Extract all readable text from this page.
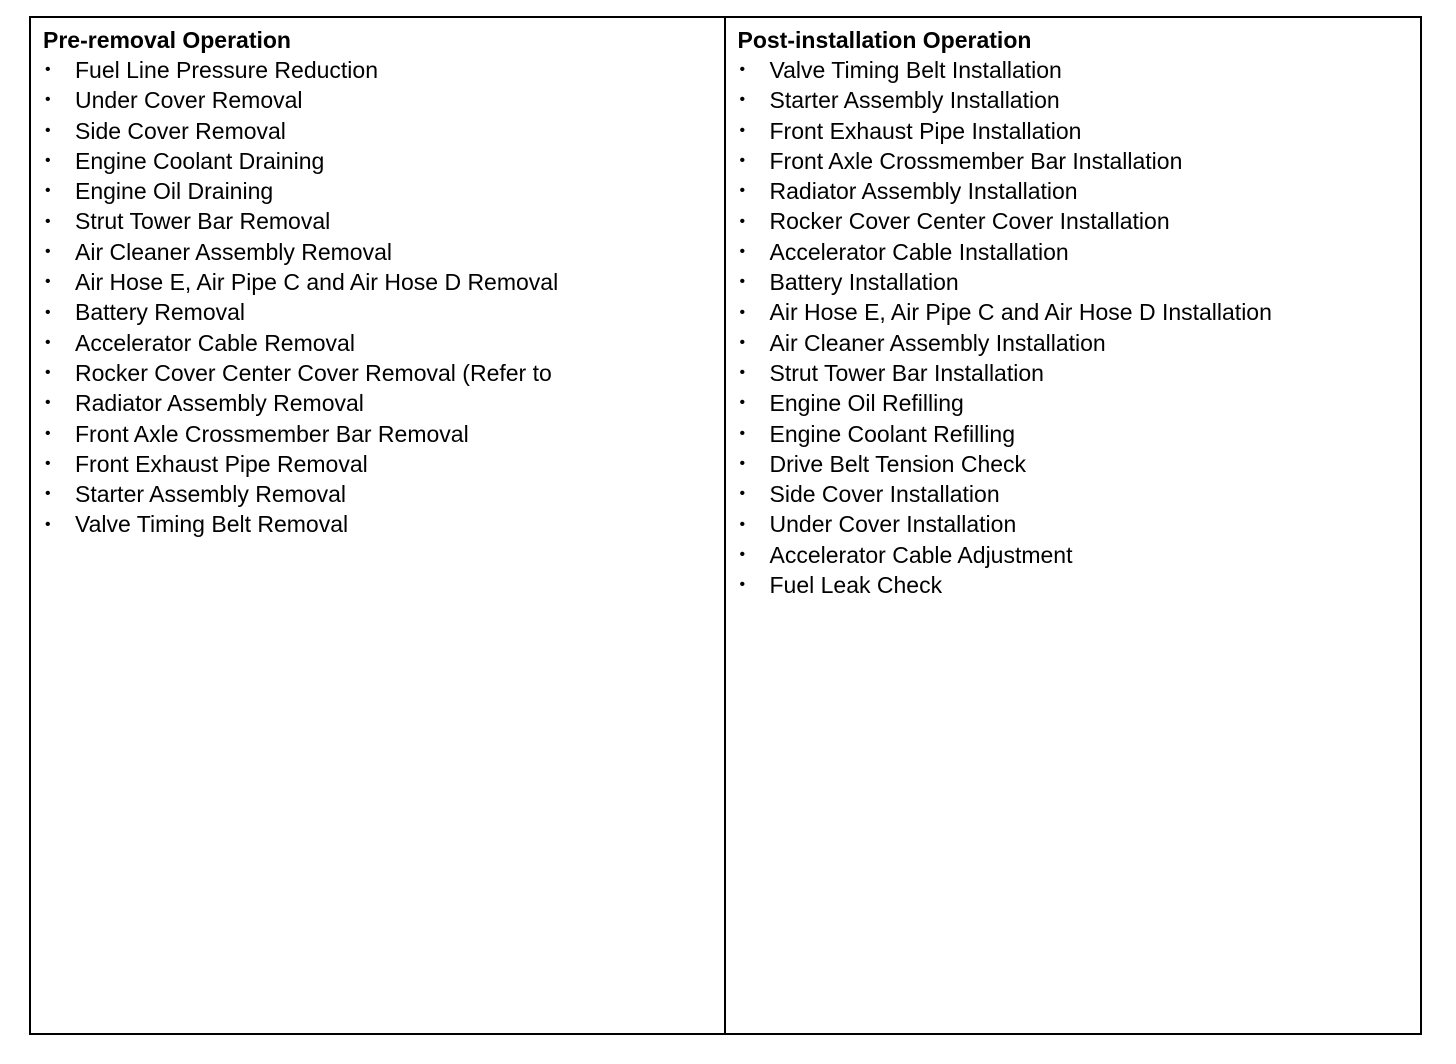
Pre-removal Operation
•	Fuel Line Pressure Reduction
•	Under Cover Removal
•	Side Cover Removal
•	Engine Coolant Draining
•	Engine Oil Draining
•	Strut Tower Bar Removal
•	Air Cleaner Assembly Removal
•	Air Hose E, Air Pipe C and Air Hose D Removal
•	Battery Removal
•	Accelerator Cable Removal
•	Rocker Cover Center Cover Removal (Refer to
•	Radiator Assembly Removal
•	Front Axle Crossmember Bar Removal
•	Front Exhaust Pipe Removal
•	Starter Assembly Removal
•	Valve Timing Belt Removal
Post-installation Operation
•	Valve Timing Belt Installation
•	Starter Assembly Installation
•	Front Exhaust Pipe Installation
•	Front Axle Crossmember Bar Installation
•	Radiator Assembly Installation
•	Rocker Cover Center Cover Installation
•	Accelerator Cable Installation
•	Battery Installation
•	Air Hose E, Air Pipe C and Air Hose D Installation
•	Air Cleaner Assembly Installation
•	Strut Tower Bar Installation
•	Engine Oil Refilling
•	Engine Coolant Refilling
•	Drive Belt Tension Check
•	Side Cover Installation
•	Under Cover Installation
•	Accelerator Cable Adjustment
•	Fuel Leak Check
